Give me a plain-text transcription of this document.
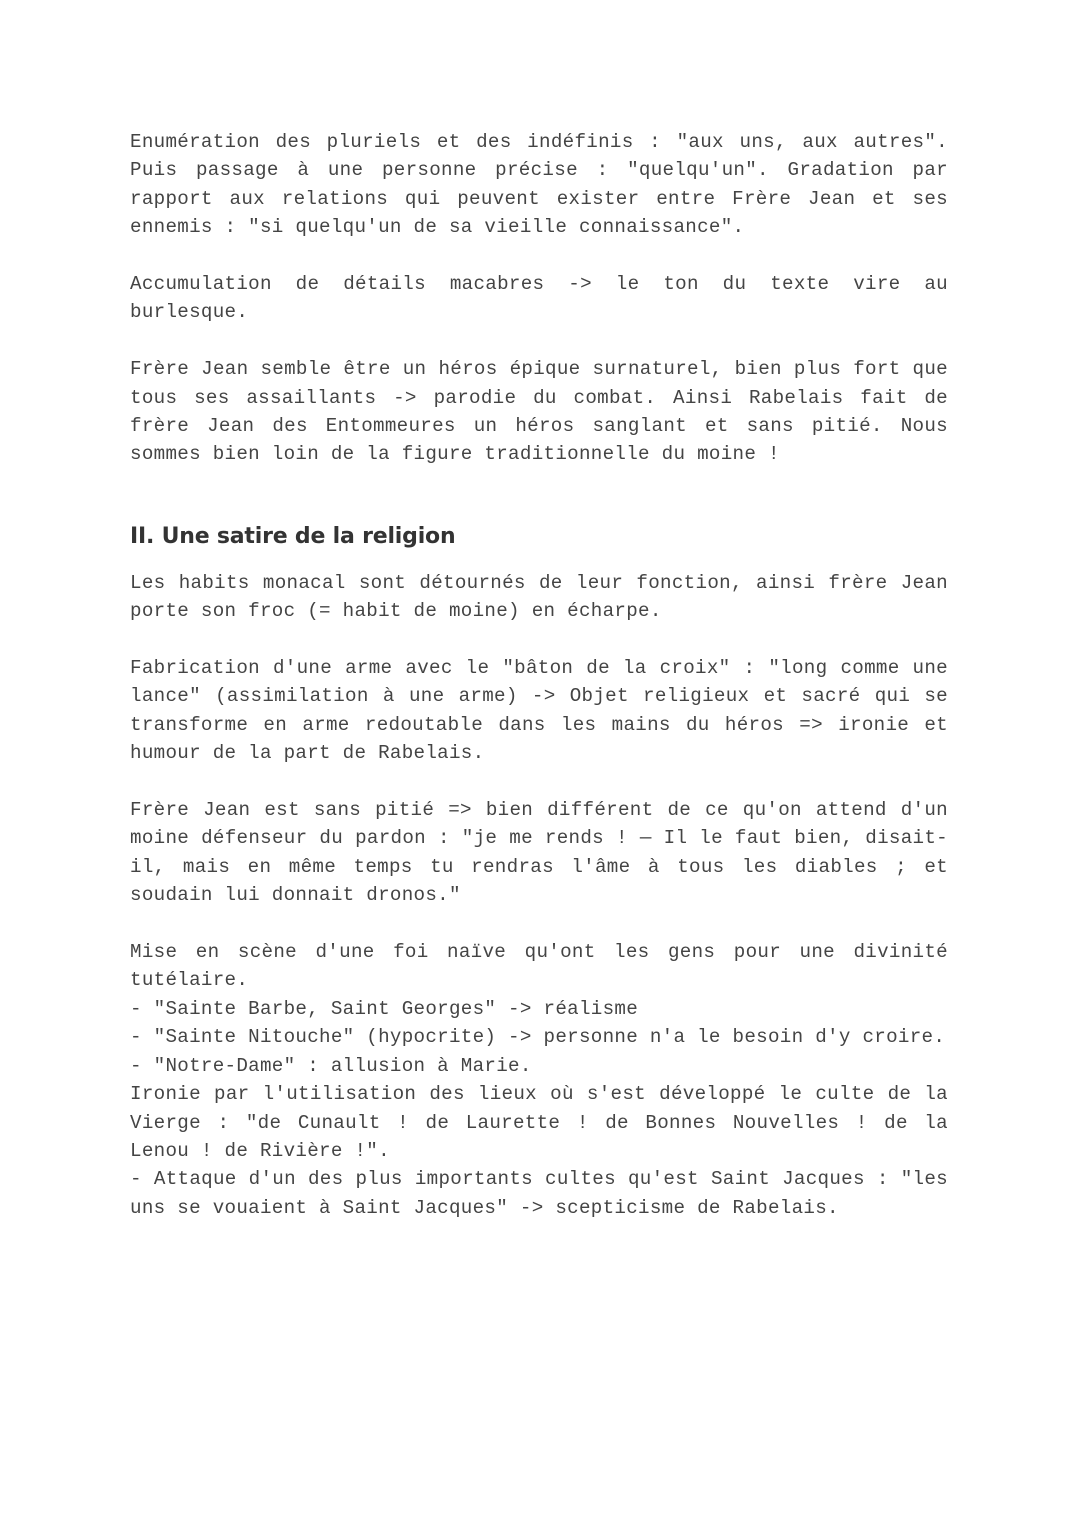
Enumération des pluriels et des indéfinis : "aux uns, aux autres". Puis passage à une personne précise : "quelqu'un". Gradation par rapport aux relations qui peuvent exister entre Frère Jean et ses ennemis : "si quelqu'un de sa vieille connaissance".

Accumulation de détails macabres -> le ton du texte vire au burlesque.

Frère Jean semble être un héros épique surnaturel, bien plus fort que tous ses assaillants -> parodie du combat. Ainsi Rabelais fait de frère Jean des Entommeures un héros sanglant et sans pitié. Nous sommes bien loin de la figure traditionnelle du moine !

II. Une satire de la religion

Les habits monacal sont détournés de leur fonction, ainsi frère Jean porte son froc (= habit de moine) en écharpe.

Fabrication d'une arme avec le "bâton de la croix" : "long comme une lance" (assimilation à une arme) -> Objet religieux et sacré qui se transforme en arme redoutable dans les mains du héros => ironie et humour de la part de Rabelais.

Frère Jean est sans pitié => bien différent de ce qu'on attend d'un moine défenseur du pardon : "je me rends ! — Il le faut bien, disait-il, mais en même temps tu rendras l'âme à tous les diables ; et soudain lui donnait dronos."

Mise en scène d'une foi naïve qu'ont les gens pour une divinité tutélaire.

- "Sainte Barbe, Saint Georges" -> réalisme

- "Sainte Nitouche" (hypocrite) -> personne n'a le besoin d'y croire.

- "Notre-Dame" : allusion à Marie.

Ironie par l'utilisation des lieux où s'est développé le culte de la Vierge : "de Cunault ! de Laurette ! de Bonnes Nouvelles ! de la Lenou ! de Rivière !".

- Attaque d'un des plus importants cultes qu'est Saint Jacques : "les uns se vouaient à Saint Jacques" -> scepticisme de Rabelais.
